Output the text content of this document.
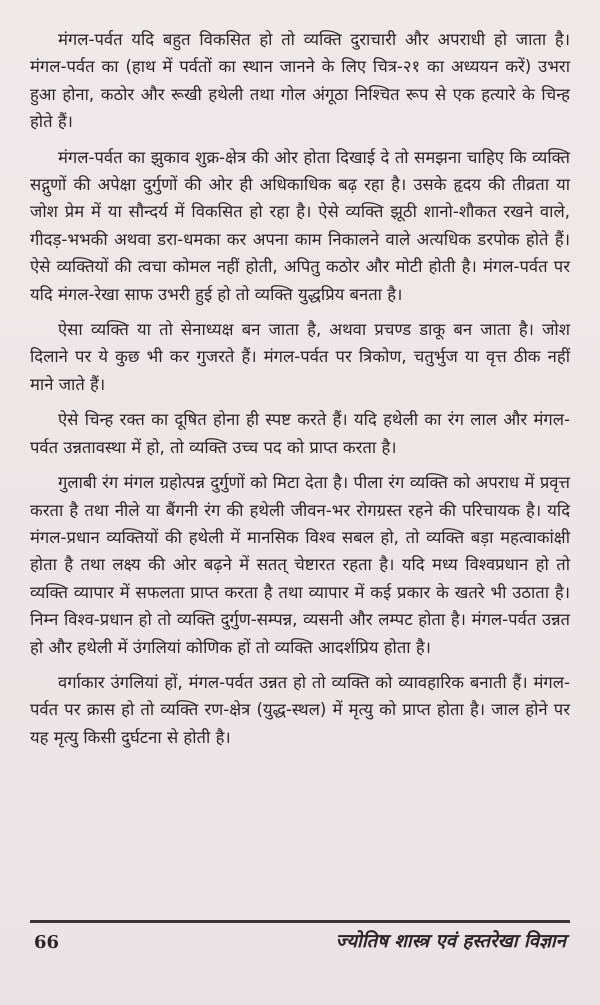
मंगल-पर्वत यदि बहुत विकसित हो तो व्यक्ति दुराचारी और अपराधी हो जाता है। मंगल-पर्वत का (हाथ में पर्वतों का स्थान जानने के लिए चित्र-२१ का अध्ययन करें) उभरा हुआ होना, कठोर और रूखी हथेली तथा गोल अंगूठा निश्चित रूप से एक हत्यारे के चिन्ह होते हैं।

मंगल-पर्वत का झुकाव शुक्र-क्षेत्र की ओर होता दिखाई दे तो समझना चाहिए कि व्यक्ति सद्गुणों की अपेक्षा दुर्गुणों की ओर ही अधिकाधिक बढ़ रहा है। उसके हृदय की तीव्रता या जोश प्रेम में या सौन्दर्य में विकसित हो रहा है। ऐसे व्यक्ति झूठी शानो-शौकत रखने वाले, गीदड़-भभकी अथवा डरा-धमका कर अपना काम निकालने वाले अत्यधिक डरपोक होते हैं। ऐसे व्यक्तियों की त्वचा कोमल नहीं होती, अपितु कठोर और मोटी होती है। मंगल-पर्वत पर यदि मंगल-रेखा साफ उभरी हुई हो तो व्यक्ति युद्धप्रिय बनता है।

ऐसा व्यक्ति या तो सेनाध्यक्ष बन जाता है, अथवा प्रचण्ड डाकू बन जाता है। जोश दिलाने पर ये कुछ भी कर गुजरते हैं। मंगल-पर्वत पर त्रिकोण, चतुर्भुज या वृत्त ठीक नहीं माने जाते हैं।

ऐसे चिन्ह रक्त का दूषित होना ही स्पष्ट करते हैं। यदि हथेली का रंग लाल और मंगल-पर्वत उन्नतावस्था में हो, तो व्यक्ति उच्च पद को प्राप्त करता है।

गुलाबी रंग मंगल ग्रहोत्पन्न दुर्गुणों को मिटा देता है। पीला रंग व्यक्ति को अपराध में प्रवृत्त करता है तथा नीले या बैंगनी रंग की हथेली जीवन-भर रोगग्रस्त रहने की परिचायक है। यदि मंगल-प्रधान व्यक्तियों की हथेली में मानसिक विश्व सबल हो, तो व्यक्ति बड़ा महत्वाकांक्षी होता है तथा लक्ष्य की ओर बढ़ने में सतत् चेष्टारत रहता है। यदि मध्य विश्वप्रधान हो तो व्यक्ति व्यापार में सफलता प्राप्त करता है तथा व्यापार में कई प्रकार के खतरे भी उठाता है। निम्न विश्व-प्रधान हो तो व्यक्ति दुर्गुण-सम्पन्न, व्यसनी और लम्पट होता है। मंगल-पर्वत उन्नत हो और हथेली में उंगलियां कोणिक हों तो व्यक्ति आदर्शप्रिय होता है।

वर्गाकार उंगलियां हों, मंगल-पर्वत उन्नत हो तो व्यक्ति को व्यावहारिक बनाती हैं। मंगल-पर्वत पर क्रास हो तो व्यक्ति रण-क्षेत्र (युद्ध-स्थल) में मृत्यु को प्राप्त होता है। जाल होने पर यह मृत्यु किसी दुर्घटना से होती है।

66	ज्योतिष शास्त्र एवं हस्तरेखा विज्ञान
